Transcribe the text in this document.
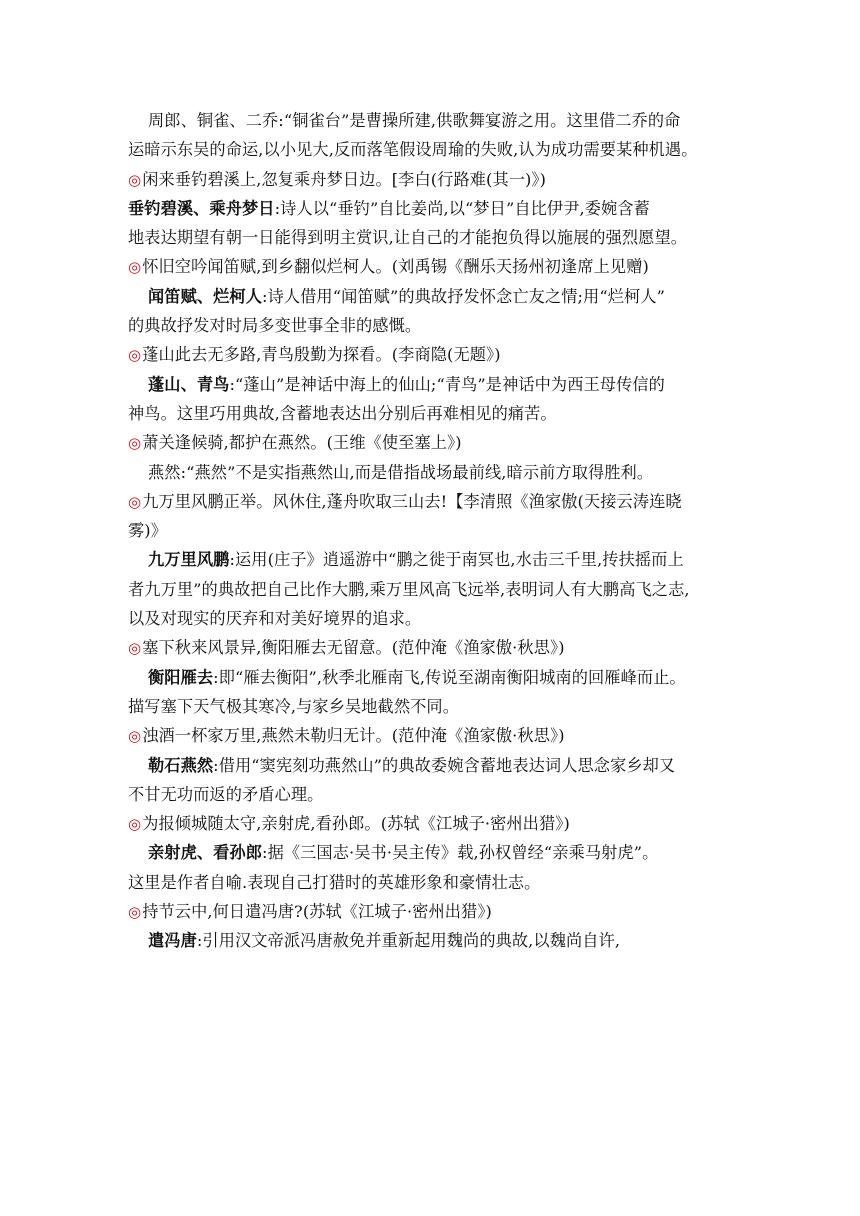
周郎、铜雀、二乔:“铜雀台”是曹操所建,供歌舞宴游之用。这里借二乔的命
运暗示东吴的命运,以小见大,反而落笔假设周瑜的失败,认为成功需要某种机遇。
◎闲来垂钓碧溪上,忽复乘舟梦日边。[李白(行路难(其一)》)
垂钓碧溪、乘舟梦日:诗人以“垂钓”自比姜尚,以“梦日”自比伊尹,委婉含蓄
地表达期望有朝一日能得到明主赏识,让自己的才能抱负得以施展的强烈愿望。
◎怀旧空吟闻笛赋,到乡翻似烂柯人。(刘禹锡《酬乐天扬州初逢席上见赠)
闻笛赋、烂柯人:诗人借用“闻笛赋”的典故抒发怀念亡友之情;用“烂柯人”
的典故抒发对时局多变世事全非的感慨。
◎蓬山此去无多路,青鸟殷勤为探看。(李商隐(无题》)
蓬山、青鸟:“蓬山”是神话中海上的仙山;“青鸟”是神话中为西王母传信的
神鸟。这里巧用典故,含蓄地表达出分别后再难相见的痛苦。
◎萧关逢候骑,都护在燕然。(王维《使至塞上》)
燕然:“燕然”不是实指燕然山,而是借指战场最前线,暗示前方取得胜利。
◎九万里风鹏正举。风休住,蓬舟吹取三山去!【李清照《渔家傲(天接云涛连晓
雾)》
九万里风鹏:运用(庄子》逍遥游中“鹏之徙于南冥也,水击三千里,抟扶摇而上
者九万里”的典故把自己比作大鹏,乘万里风高飞远举,表明词人有大鹏高飞之志,
以及对现实的厌弃和对美好境界的追求。
◎塞下秋来风景异,衡阳雁去无留意。(范仲淹《渔家傲·秋思》)
衡阳雁去:即“雁去衡阳”,秋季北雁南飞,传说至湖南衡阳城南的回雁峰而止。
描写塞下天气极其寒冷,与家乡吴地截然不同。
◎浊酒一杯家万里,燕然未勒归无计。(范仲淹《渔家傲·秋思》)
勒石燕然:借用“窦宪刻功燕然山”的典故委婉含蓄地表达词人思念家乡却又
不甘无功而返的矛盾心理。
◎为报倾城随太守,亲射虎,看孙郎。(苏轼《江城子·密州出猎》)
亲射虎、看孙郎:据《三国志·吴书·吴主传》载,孙权曾经“亲乘马射虎”。
这里是作者自喻.表现自己打猎时的英雄形象和豪情壮志。
◎持节云中,何日遣冯唐?(苏轼《江城子·密州出猎》)
遣冯唐:引用汉文帝派冯唐赦免并重新起用魏尚的典故,以魏尚自许,
